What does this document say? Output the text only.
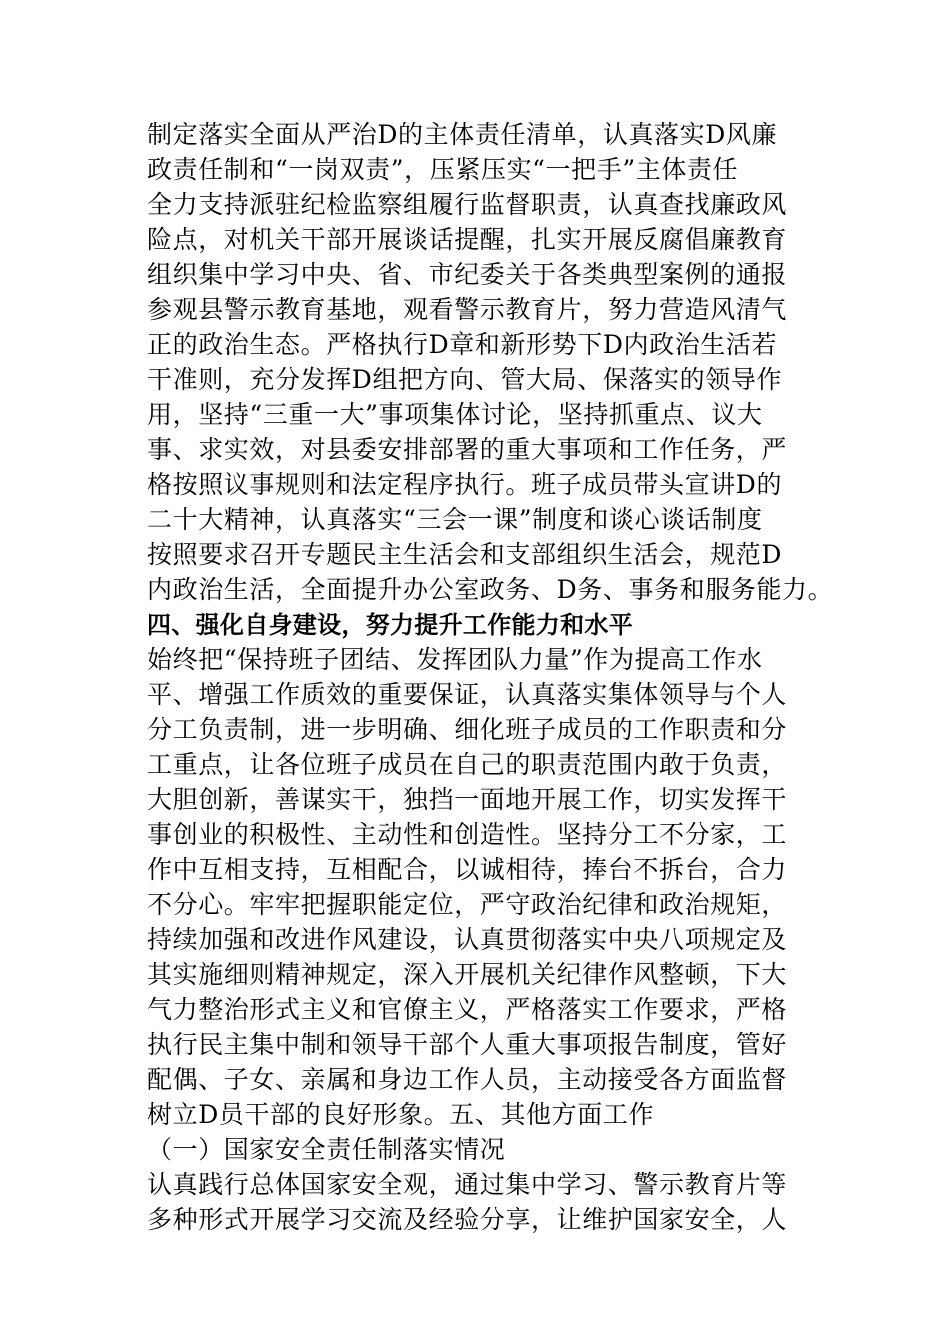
制定落实全面从严治D的主体责任清单，认真落实D风廉
政责任制和“一岗双责”，压紧压实“一把手”主体责任
全力支持派驻纪检监察组履行监督职责，认真查找廉政风
险点，对机关干部开展谈话提醒，扎实开展反腐倡廉教育
组织集中学习中央、省、市纪委关于各类典型案例的通报
参观县警示教育基地，观看警示教育片，努力营造风清气
正的政治生态。严格执行D章和新形势下D内政治生活若
干准则，充分发挥D组把方向、管大局、保落实的领导作
用，坚持“三重一大”事项集体讨论，坚持抓重点、议大
事、求实效，对县委安排部署的重大事项和工作任务，严
格按照议事规则和法定程序执行。班子成员带头宣讲D的
二十大精神，认真落实“三会一课”制度和谈心谈话制度
按照要求召开专题民主生活会和支部组织生活会，规范D
内政治生活，全面提升办公室政务、D务、事务和服务能力。
四、强化自身建设，努力提升工作能力和水平
始终把“保持班子团结、发挥团队力量”作为提高工作水
平、增强工作质效的重要保证，认真落实集体领导与个人
分工负责制，进一步明确、细化班子成员的工作职责和分
工重点，让各位班子成员在自己的职责范围内敢于负责，
大胆创新，善谋实干，独挡一面地开展工作，切实发挥干
事创业的积极性、主动性和创造性。坚持分工不分家，工
作中互相支持，互相配合，以诚相待，捧台不拆台，合力
不分心。牢牢把握职能定位，严守政治纪律和政治规矩，
持续加强和改进作风建设，认真贯彻落实中央八项规定及
其实施细则精神规定，深入开展机关纪律作风整顿，下大
气力整治形式主义和官僚主义，严格落实工作要求，严格
执行民主集中制和领导干部个人重大事项报告制度，管好
配偶、子女、亲属和身边工作人员，主动接受各方面监督
树立D员干部的良好形象。五、其他方面工作
（一）国家安全责任制落实情况
认真践行总体国家安全观，通过集中学习、警示教育片等
多种形式开展学习交流及经验分享，让维护国家安全，人
